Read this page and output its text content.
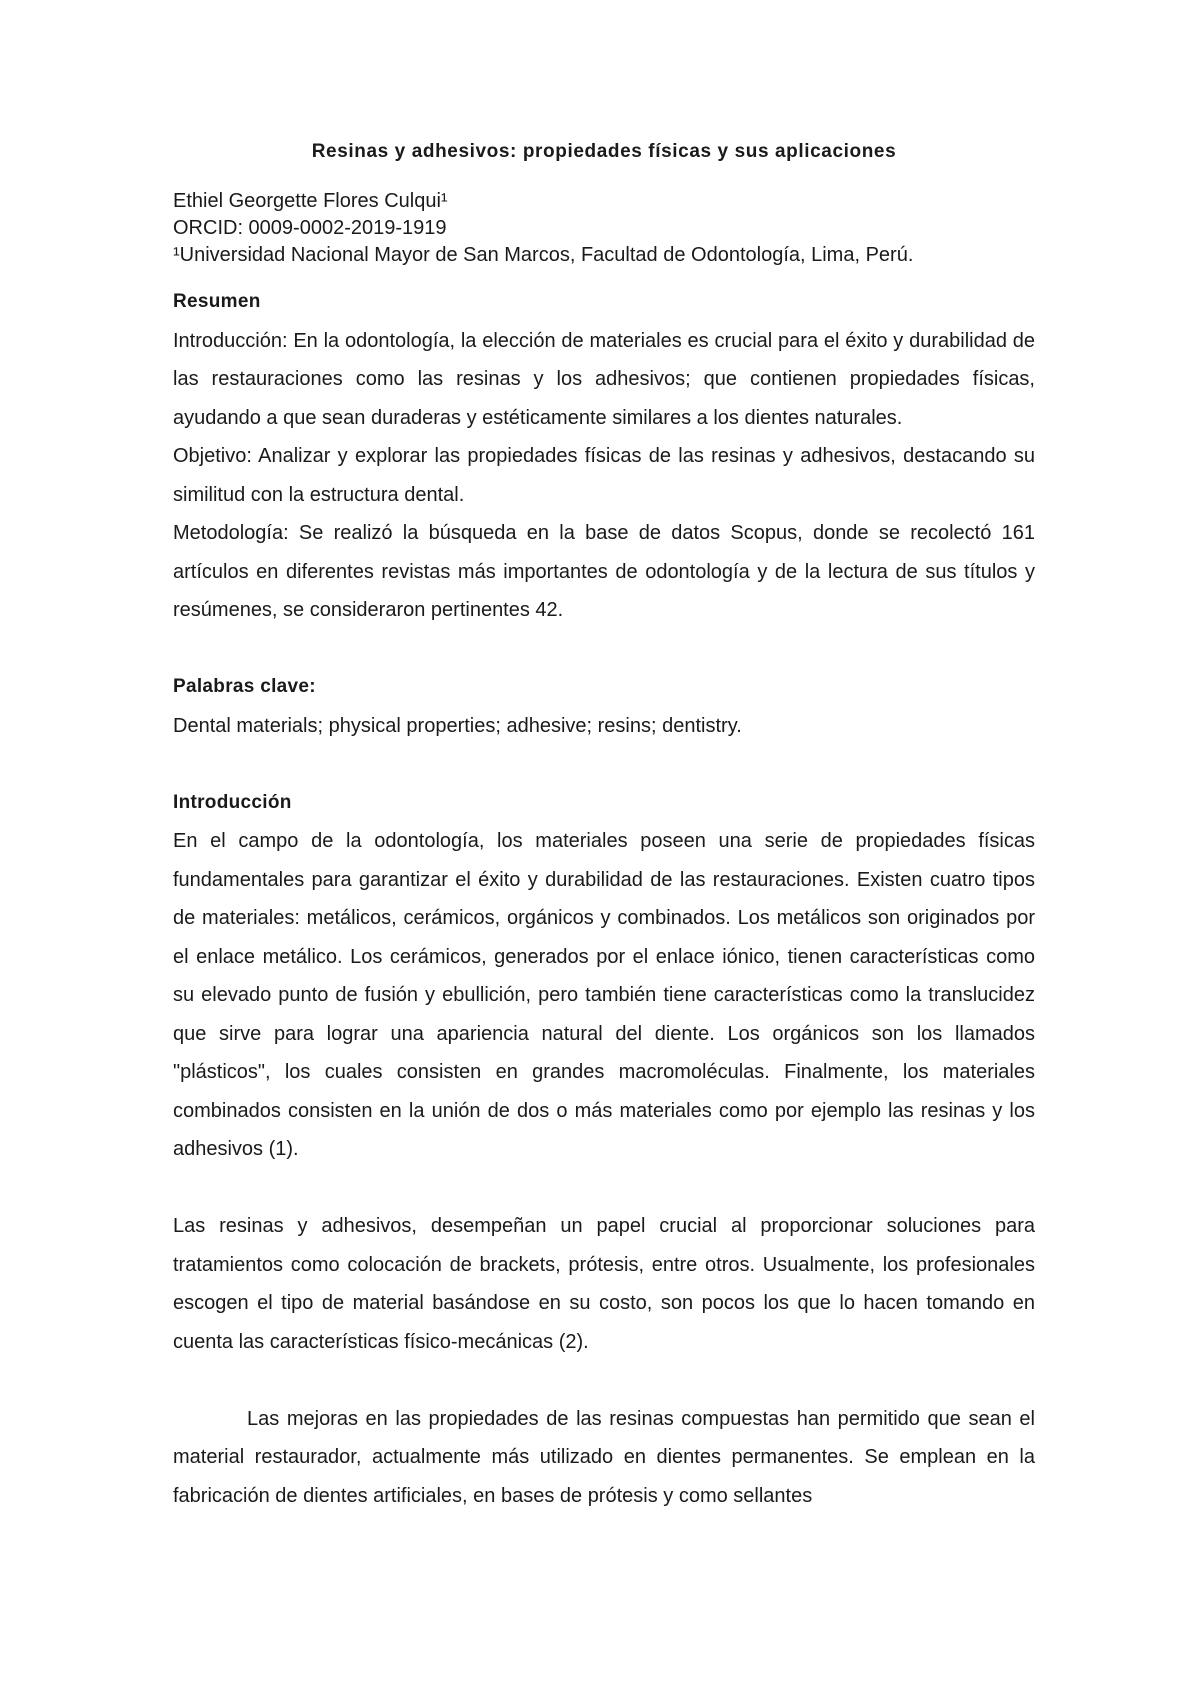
Resinas y adhesivos: propiedades físicas y sus aplicaciones
Ethiel Georgette Flores Culqui¹
ORCID: 0009-0002-2019-1919
¹Universidad Nacional Mayor de San Marcos, Facultad de Odontología, Lima, Perú.
Resumen

Introducción: En la odontología, la elección de materiales es crucial para el éxito y durabilidad de las restauraciones como las resinas y los adhesivos; que contienen propiedades físicas, ayudando a que sean duraderas y estéticamente similares a los dientes naturales.

Objetivo: Analizar y explorar las propiedades físicas de las resinas y adhesivos, destacando su similitud con la estructura dental.

Metodología: Se realizó la búsqueda en la base de datos Scopus, donde se recolectó 161 artículos en diferentes revistas más importantes de odontología y de la lectura de sus títulos y resúmenes, se consideraron pertinentes 42.

Palabras clave:

Dental materials; physical properties; adhesive; resins; dentistry.

Introducción

En el campo de la odontología, los materiales poseen una serie de propiedades físicas fundamentales para garantizar el éxito y durabilidad de las restauraciones. Existen cuatro tipos de materiales: metálicos, cerámicos, orgánicos y combinados. Los metálicos son originados por el enlace metálico. Los cerámicos, generados por el enlace iónico, tienen características como su elevado punto de fusión y ebullición, pero también tiene características como la translucidez que sirve para lograr una apariencia natural del diente. Los orgánicos son los llamados "plásticos", los cuales consisten en grandes macromoléculas. Finalmente, los materiales combinados consisten en la unión de dos o más materiales como por ejemplo las resinas y los adhesivos (1).

Las resinas y adhesivos, desempeñan un papel crucial al proporcionar soluciones para tratamientos como colocación de brackets, prótesis, entre otros. Usualmente, los profesionales escogen el tipo de material basándose en su costo, son pocos los que lo hacen tomando en cuenta las características físico-mecánicas (2).

Las mejoras en las propiedades de las resinas compuestas han permitido que sean el material restaurador, actualmente más utilizado en dientes permanentes. Se emplean en la fabricación de dientes artificiales, en bases de prótesis y como sellantes
